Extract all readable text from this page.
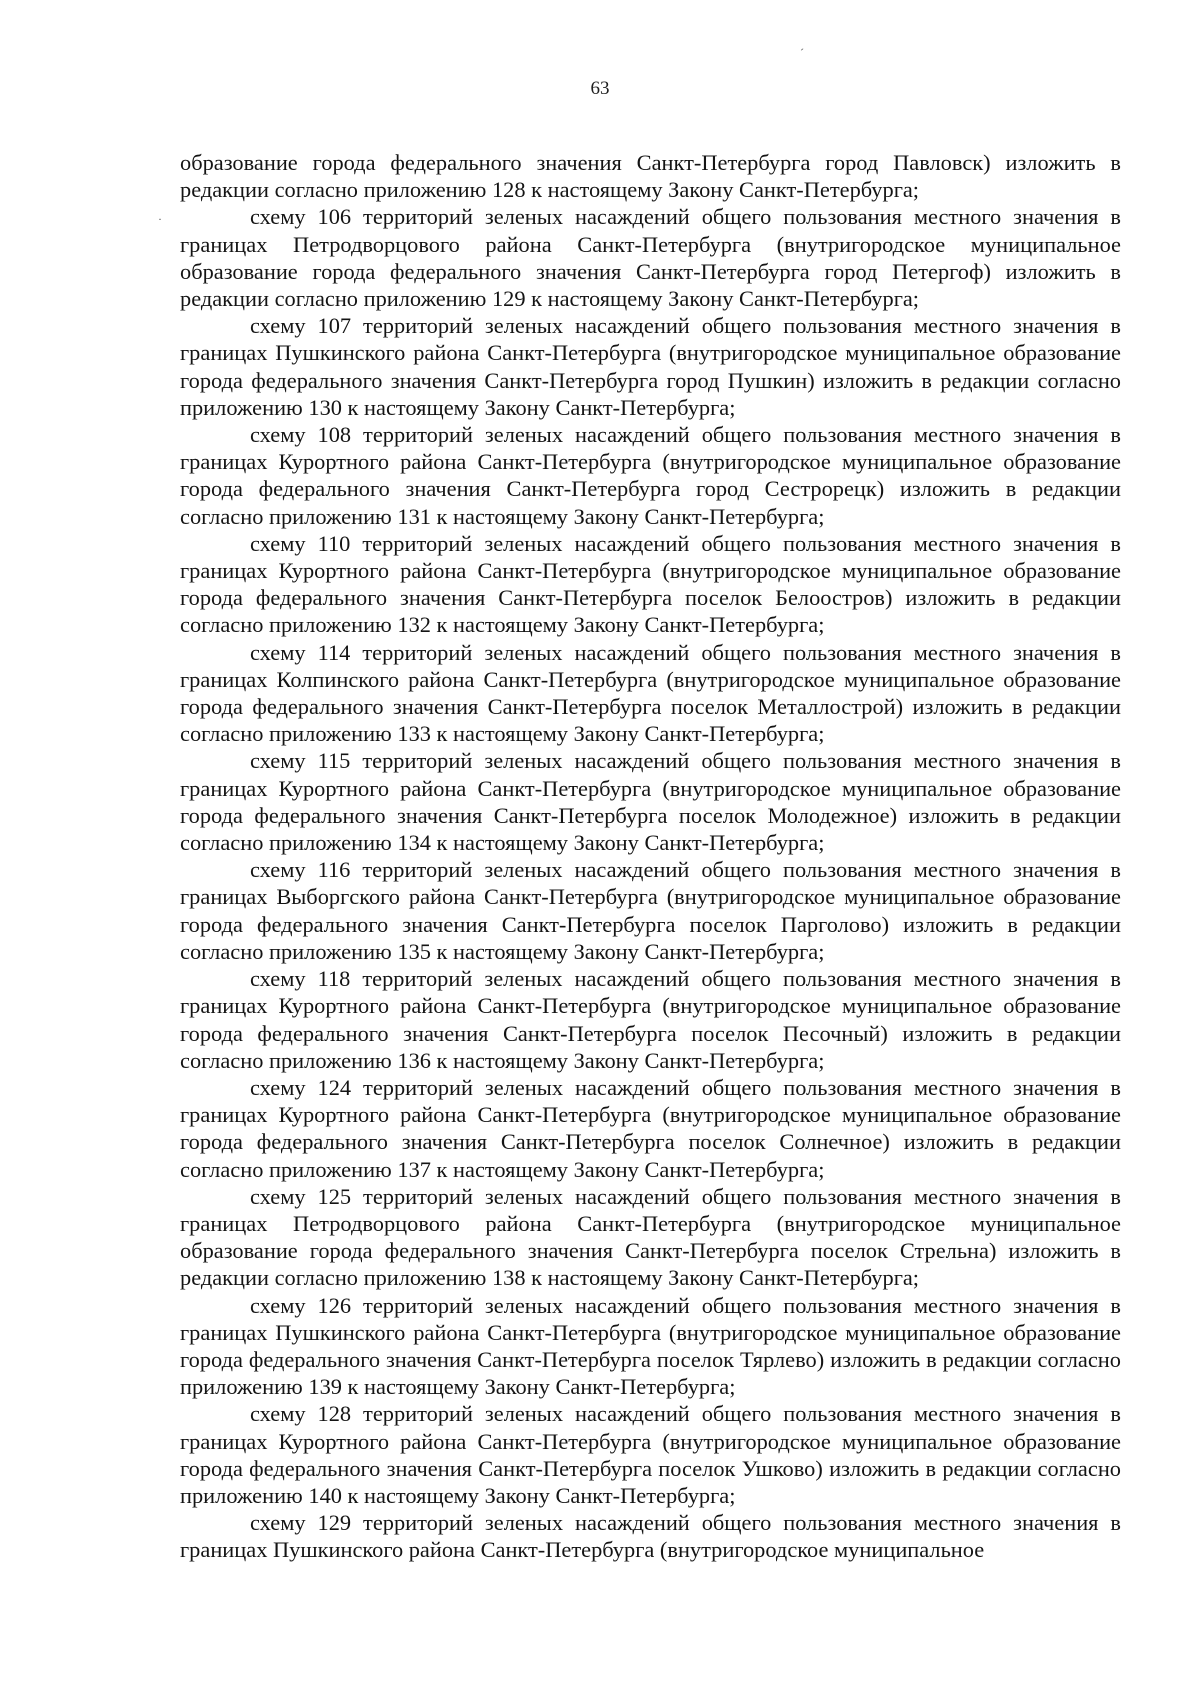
63
ˊ
·

образование города федерального значения Санкт-Петербурга город Павловск) изложить в редакции согласно приложению 128 к настоящему Закону Санкт-Петербурга;

схему 106 территорий зеленых насаждений общего пользования местного значения в границах Петродворцового района Санкт-Петербурга (внутригородское муниципальное образование города федерального значения Санкт-Петербурга город Петергоф) изложить в редакции согласно приложению 129 к настоящему Закону Санкт-Петербурга;

схему 107 территорий зеленых насаждений общего пользования местного значения в границах Пушкинского района Санкт-Петербурга (внутригородское муниципальное образование города федерального значения Санкт-Петербурга город Пушкин) изложить в редакции согласно приложению 130 к настоящему Закону Санкт-Петербурга;

схему 108 территорий зеленых насаждений общего пользования местного значения в границах Курортного района Санкт-Петербурга (внутригородское муниципальное образование города федерального значения Санкт-Петербурга город Сестрорецк) изложить в редакции согласно приложению 131 к настоящему Закону Санкт-Петербурга;

схему 110 территорий зеленых насаждений общего пользования местного значения в границах Курортного района Санкт-Петербурга (внутригородское муниципальное образование города федерального значения Санкт-Петербурга поселок Белоостров) изложить в редакции согласно приложению 132 к настоящему Закону Санкт-Петербурга;

схему 114 территорий зеленых насаждений общего пользования местного значения в границах Колпинского района Санкт-Петербурга (внутригородское муниципальное образование города федерального значения Санкт-Петербурга поселок Металлострой) изложить в редакции согласно приложению 133 к настоящему Закону Санкт-Петербурга;

схему 115 территорий зеленых насаждений общего пользования местного значения в границах Курортного района Санкт-Петербурга (внутригородское муниципальное образование города федерального значения Санкт-Петербурга поселок Молодежное) изложить в редакции согласно приложению 134 к настоящему Закону Санкт-Петербурга;

схему 116 территорий зеленых насаждений общего пользования местного значения в границах Выборгского района Санкт-Петербурга (внутригородское муниципальное образование города федерального значения Санкт-Петербурга поселок Парголово) изложить в редакции согласно приложению 135 к настоящему Закону Санкт-Петербурга;

схему 118 территорий зеленых насаждений общего пользования местного значения в границах Курортного района Санкт-Петербурга (внутригородское муниципальное образование города федерального значения Санкт-Петербурга поселок Песочный) изложить в редакции согласно приложению 136 к настоящему Закону Санкт-Петербурга;

схему 124 территорий зеленых насаждений общего пользования местного значения в границах Курортного района Санкт-Петербурга (внутригородское муниципальное образование города федерального значения Санкт-Петербурга поселок Солнечное) изложить в редакции согласно приложению 137 к настоящему Закону Санкт-Петербурга;

схему 125 территорий зеленых насаждений общего пользования местного значения в границах Петродворцового района Санкт-Петербурга (внутригородское муниципальное образование города федерального значения Санкт-Петербурга поселок Стрельна) изложить в редакции согласно приложению 138 к настоящему Закону Санкт-Петербурга;

схему 126 территорий зеленых насаждений общего пользования местного значения в границах Пушкинского района Санкт-Петербурга (внутригородское муниципальное образование города федерального значения Санкт-Петербурга поселок Тярлево) изложить в редакции согласно приложению 139 к настоящему Закону Санкт-Петербурга;

схему 128 территорий зеленых насаждений общего пользования местного значения в границах Курортного района Санкт-Петербурга (внутригородское муниципальное образование города федерального значения Санкт-Петербурга поселок Ушково) изложить в редакции согласно приложению 140 к настоящему Закону Санкт-Петербурга;

схему 129 территорий зеленых насаждений общего пользования местного значения в границах Пушкинского района Санкт-Петербурга (внутригородское муниципальное
